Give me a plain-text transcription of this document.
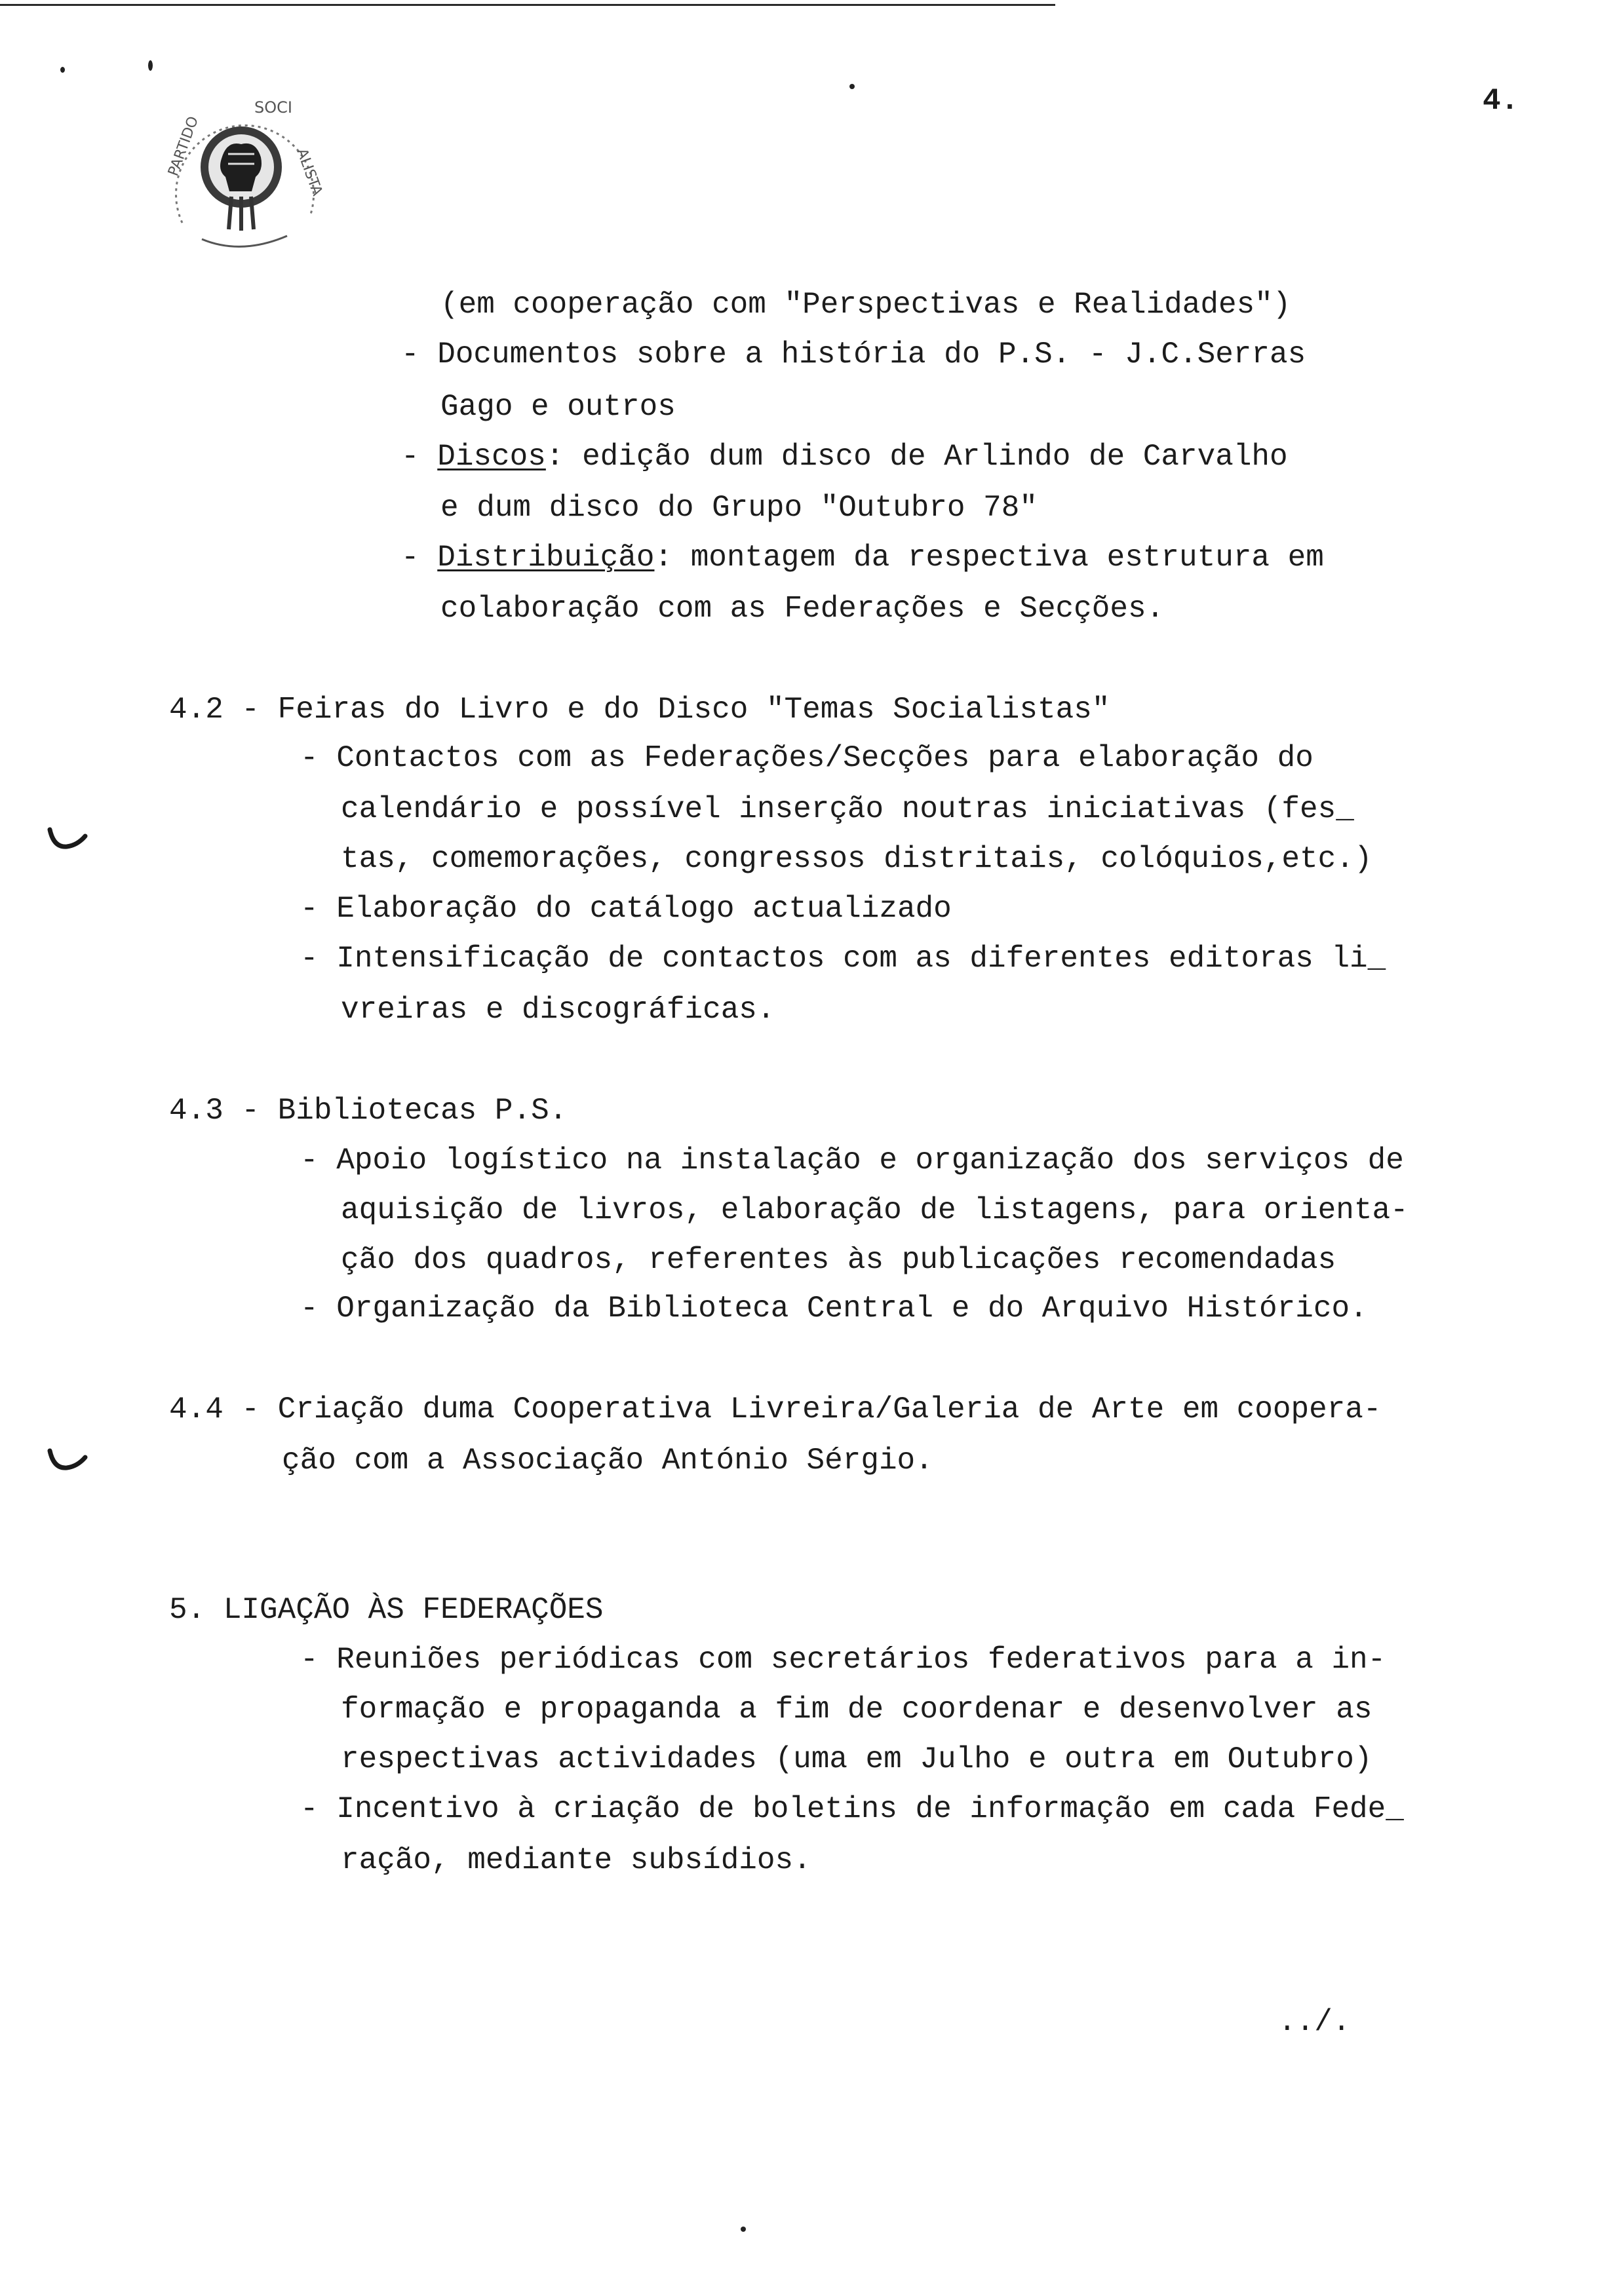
4.
PARTIDO
SOCI
ALISTA
(em cooperação com "Perspectivas e Realidades")
- Documentos sobre a história do P.S. - J.C.Serras
Gago e outros
- Discos: edição dum disco de Arlindo de Carvalho
e dum disco do Grupo "Outubro 78"
- Distribuição: montagem da respectiva estrutura em
colaboração com as Federações e Secções.
4.2 - Feiras do Livro e do Disco "Temas Socialistas"
- Contactos com as Federações/Secções para elaboração do
calendário e possível inserção noutras iniciativas (fes_
tas, comemorações, congressos distritais, colóquios,etc.)
- Elaboração do catálogo actualizado
- Intensificação de contactos com as diferentes editoras li_
vreiras e discográficas.
4.3 - Bibliotecas P.S.
- Apoio logístico na instalação e organização dos serviços de
aquisição de livros, elaboração de listagens, para orienta-
ção dos quadros, referentes às publicações recomendadas
- Organização da Biblioteca Central e do Arquivo Histórico.
4.4 - Criação duma Cooperativa Livreira/Galeria de Arte em coopera-
ção com a Associação António Sérgio.
5. LIGAÇÃO ÀS FEDERAÇÕES
- Reuniões periódicas com secretários federativos para a in-
formação e propaganda a fim de coordenar e desenvolver as
respectivas actividades (uma em Julho e outra em Outubro)
- Incentivo à criação de boletins de informação em cada Fede_
ração, mediante subsídios.
../.
